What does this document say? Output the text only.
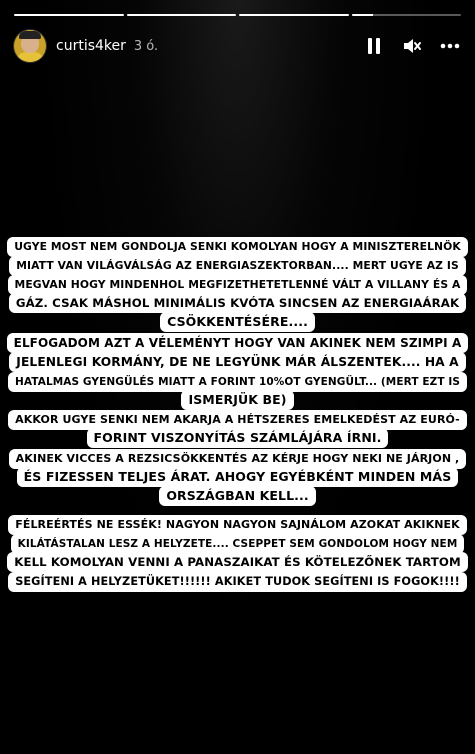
curtis4ker 3 ó.
UGYE MOST NEM GONDOLJA SENKI KOMOLYAN HOGY A MINISZTERELNÖK
MIATT VAN VILÁGVÁLSÁG AZ ENERGIASZEKTORBAN.... MERT UGYE AZ IS
MEGVAN HOGY MINDENHOL MEGFIZETHETETLENNÉ VÁLT A VILLANY ÉS A
GÁZ. CSAK MÁSHOL MINIMÁLIS KVÓTA SINCSEN AZ ENERGIAÁRAK
CSÖKKENTÉSÉRE....
ELFOGADOM AZT A VÉLEMÉNYT HOGY VAN AKINEK NEM SZIMPI A
JELENLEGI KORMÁNY, DE NE LEGYÜNK MÁR ÁLSZENTEK.... HA A
HATALMAS GYENGÜLÉS MIATT A FORINT 10%OT GYENGÜLT... (MERT EZT IS
ISMERJÜK BE)
AKKOR UGYE SENKI NEM AKARJA A HÉTSZERES EMELKEDÉST AZ EURÓ-
FORINT VISZONYÍTÁS SZÁMLÁJÁRA ÍRNI.
AKINEK VICCES A REZSICSÖKKENTÉS AZ KÉRJE HOGY NEKI NE JÁRJON ,
ÉS FIZESSEN TELJES ÁRAT. AHOGY EGYÉBKÉNT MINDEN MÁS
ORSZÁGBAN KELL...
FÉLREÉRTÉS NE ESSÉK! NAGYON NAGYON SAJNÁLOM AZOKAT AKIKNEK
KILÁTÁSTALAN LESZ A HELYZETE.... CSEPPET SEM GONDOLOM HOGY NEM
KELL KOMOLYAN VENNI A PANASZAIKAT ÉS KÖTELEZŐNEK TARTOM
SEGÍTENI A HELYZETÜKET!!!!!! AKIKET TUDOK SEGÍTENI IS FOGOK!!!!
